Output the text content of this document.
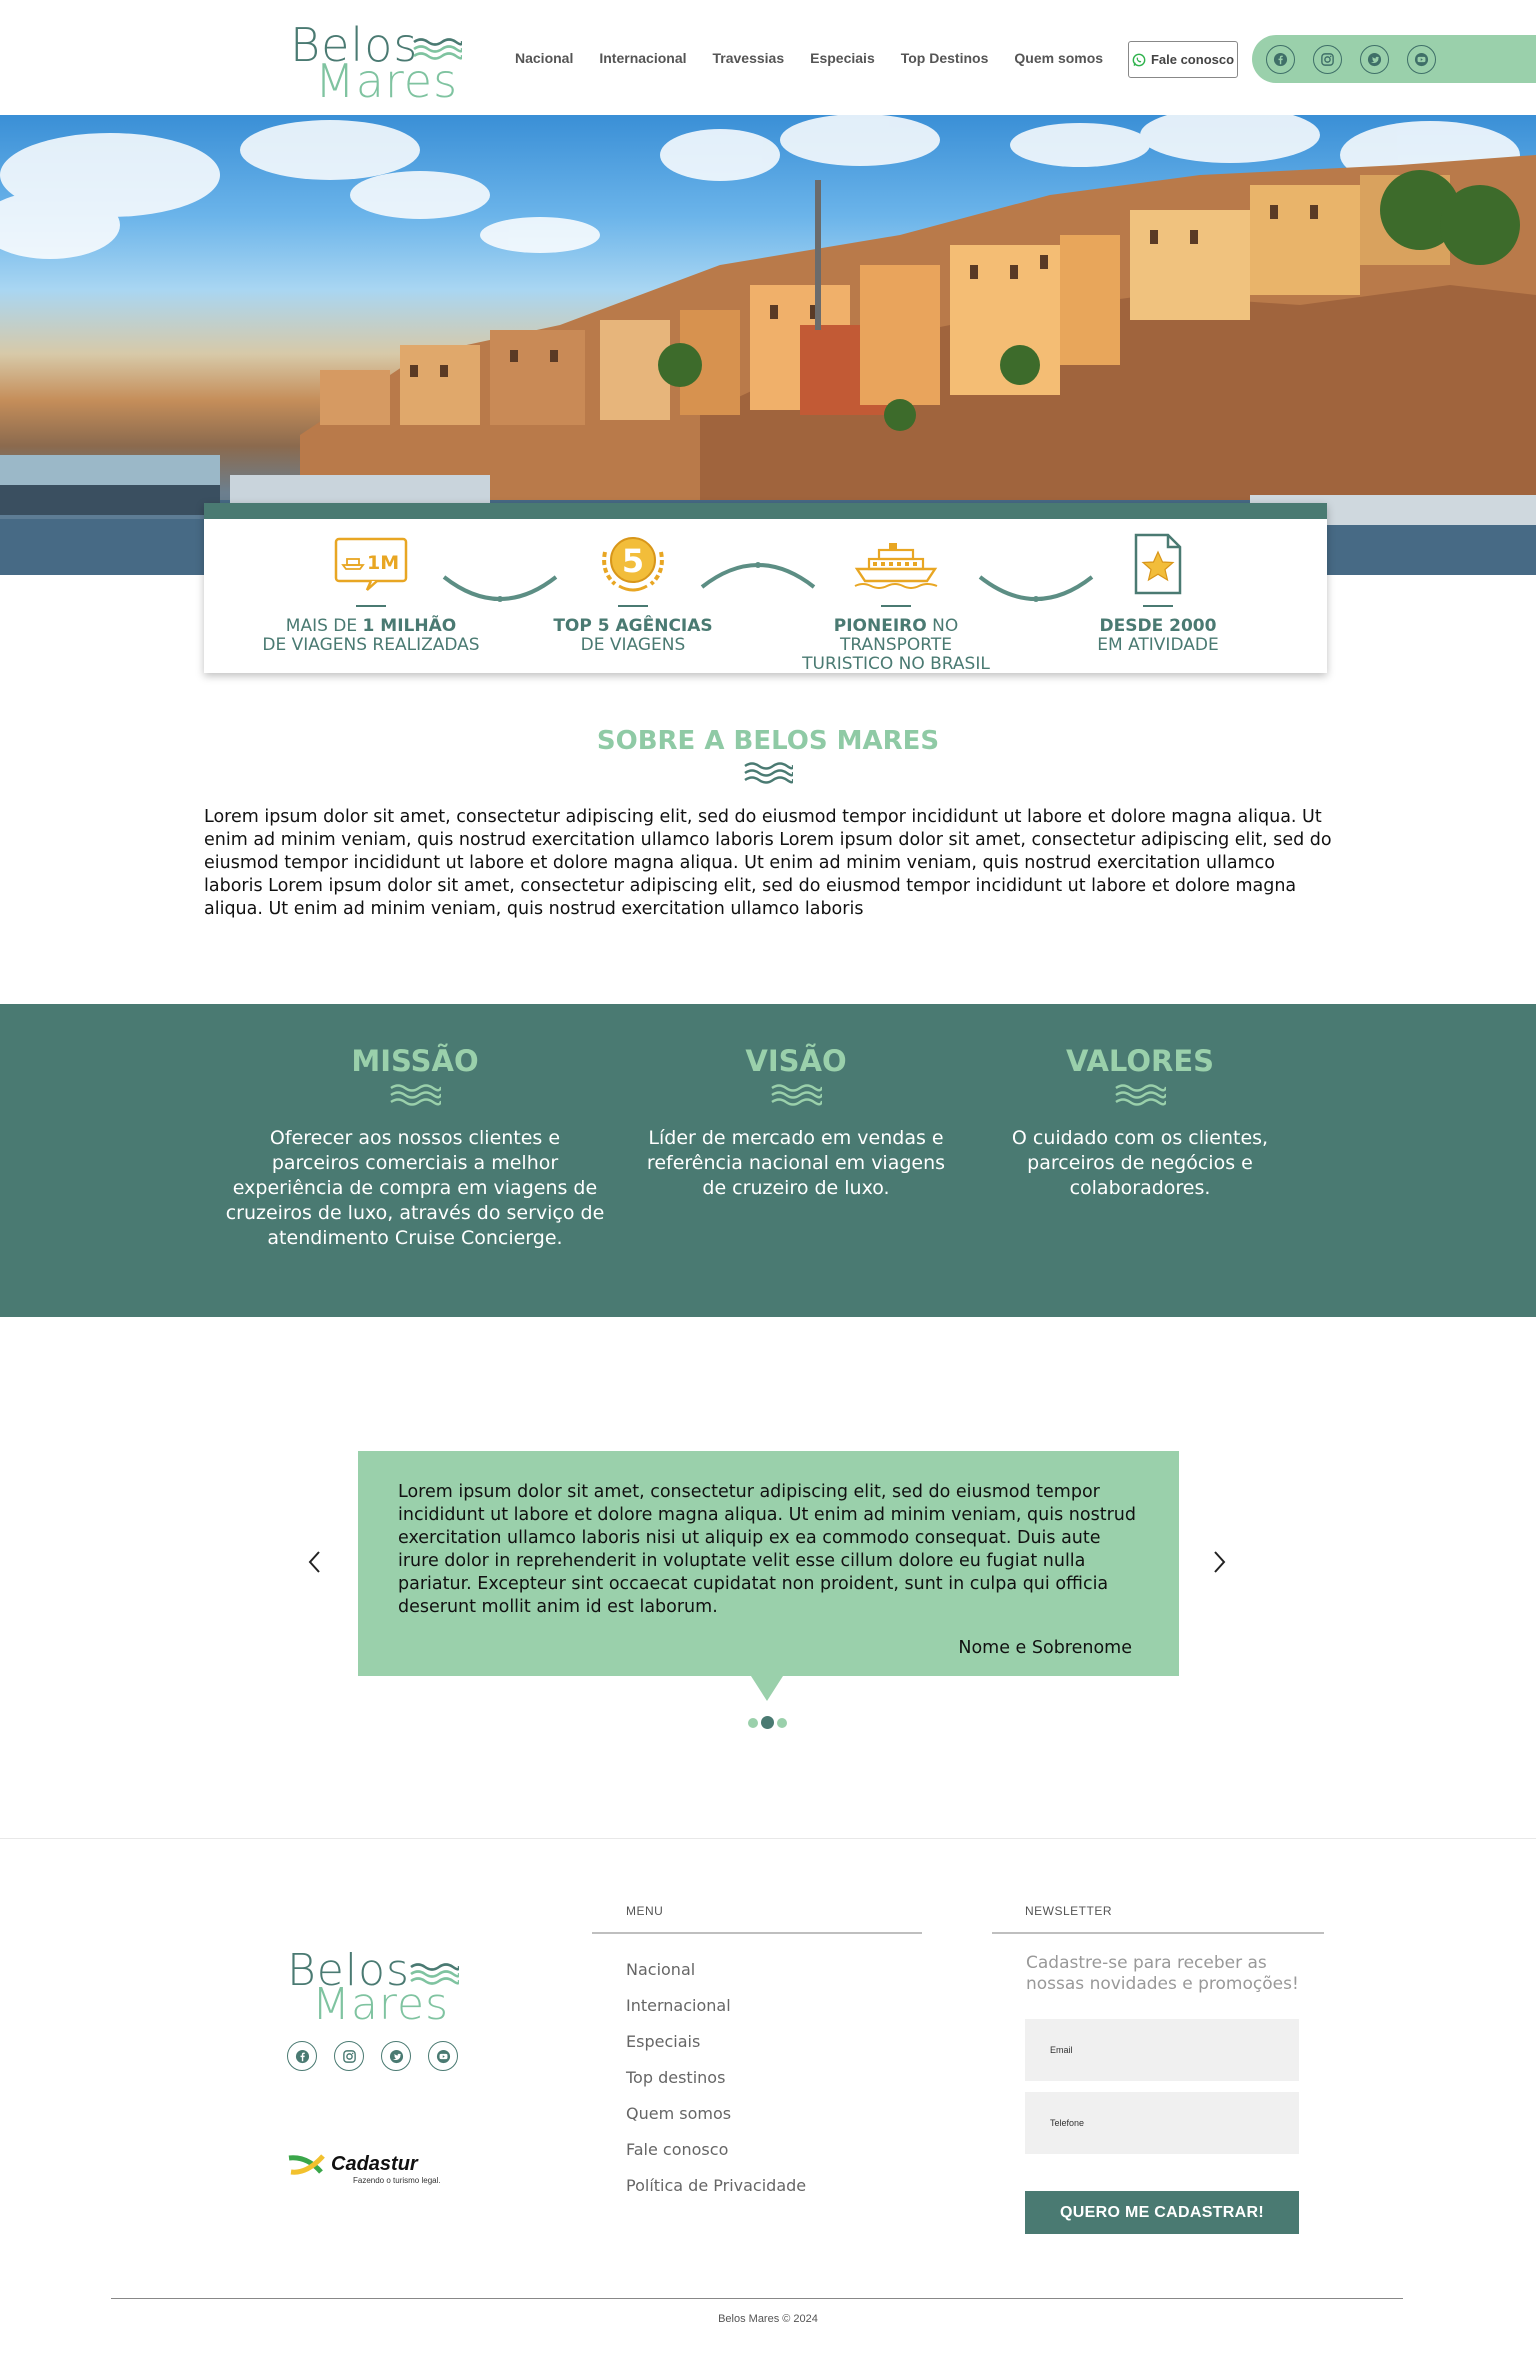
Belos
Mares	Nacional Internacional Travessias Especiais Top Destinos Quem somos	Fale conosco
1M
MAIS DE 1 MILHÃO
DE VIAGENS REALIZADAS
5
TOP 5 AGÊNCIAS
DE VIAGENS
PIONEIRO NO TRANSPORTE
TURISTICO NO BRASIL
DESDE 2000
EM ATIVIDADE
SOBRE A BELOS MARES

Lorem ipsum dolor sit amet, consectetur adipiscing elit, sed do eiusmod tempor incididunt ut labore et dolore magna aliqua. Ut enim ad minim veniam, quis nostrud exercitation ullamco laboris Lorem ipsum dolor sit amet, consectetur adipiscing elit, sed do eiusmod tempor incididunt ut labore et dolore magna aliqua. Ut enim ad minim veniam, quis nostrud exercitation ullamco laboris Lorem ipsum dolor sit amet, consectetur adipiscing elit, sed do eiusmod tempor incididunt ut labore et dolore magna aliqua. Ut enim ad minim veniam, quis nostrud exercitation ullamco laboris

MISSÃO

Oferecer aos nossos clientes e parceiros comerciais a melhor experiência de compra em viagens de cruzeiros de luxo, através do serviço de atendimento Cruise Concierge.

VISÃO

Líder de mercado em vendas e referência nacional em viagens de cruzeiro de luxo.

VALORES

O cuidado com os clientes, parceiros de negócios e colaboradores.

Lorem ipsum dolor sit amet, consectetur adipiscing elit, sed do eiusmod tempor incididunt ut labore et dolore magna aliqua. Ut enim ad minim veniam, quis nostrud exercitation ullamco laboris nisi ut aliquip ex ea commodo consequat. Duis aute irure dolor in reprehenderit in voluptate velit esse cillum dolore eu fugiat nulla pariatur. Excepteur sint occaecat cupidatat non proident, sunt in culpa qui officia deserunt mollit anim id est laborum.

Nome e Sobrenome
Belos
Mares
Cadastur
Fazendo o turismo legal.
MENU
Nacional
Internacional
Especiais
Top destinos
Quem somos
Fale conosco
Política de Privacidade
NEWSLETTER

Cadastre-se para receber as nossas novidades e promoções!

Email
Telefone
QUERO ME CADASTRAR!
Belos Mares © 2024
